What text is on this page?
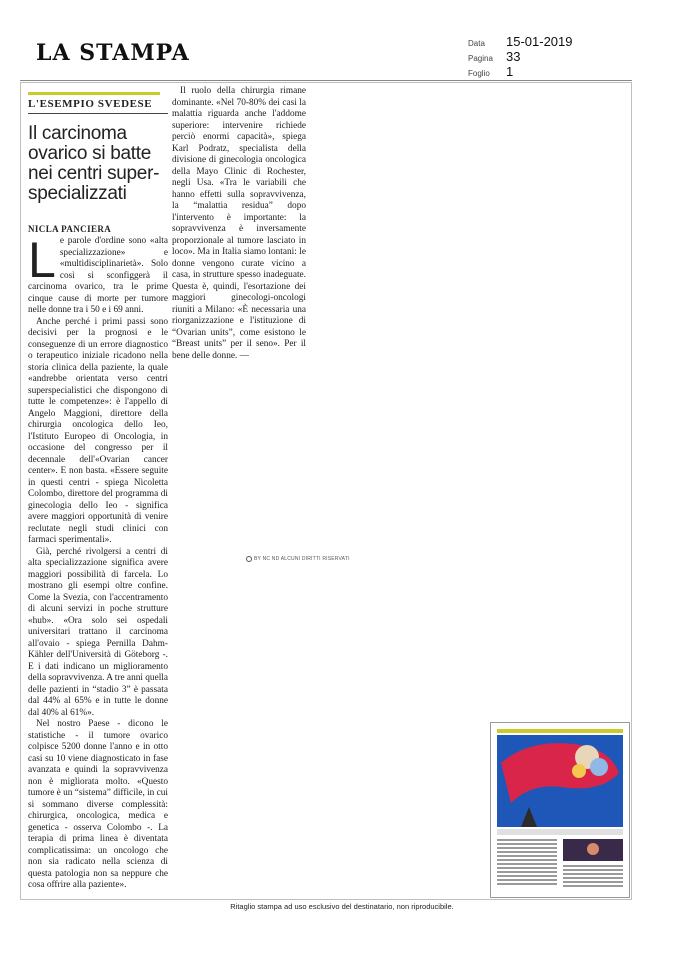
LA STAMPA	Data	15-01-2019
Pagina	33
Foglio	1
L'ESEMPIO SVEDESE
Il carcinoma ovarico si batte nei centri super-specializzati
NICLA PANCIERA

Le parole d'ordine sono «alta specializzazione» e «multidisciplinarietà». Solo così si sconfiggerà il carcinoma ovarico, tra le prime cinque cause di morte per tumore nelle donne tra i 50 e i 69 anni.

Anche perché i primi passi sono decisivi per la prognosi e le conseguenze di un errore diagnostico o terapeutico iniziale ricadono nella storia clinica della paziente, la quale «andrebbe orientata verso centri superspecialistici che dispongono di tutte le competenze»: è l'appello di Angelo Maggioni, direttore della chirurgia oncologica dello Ieo, l'Istituto Europeo di Oncologia, in occasione del congresso per il decennale dell'«Ovarian cancer center». E non basta. «Essere seguite in questi centri - spiega Nicoletta Colombo, direttore del programma di ginecologia dello Ieo - significa avere maggiori opportunità di venire reclutate negli studi clinici con farmaci sperimentali».

Già, perché rivolgersi a centri di alta specializzazione significa avere maggiori possibilità di farcela. Lo mostrano gli esempi oltre confine. Come la Svezia, con l'accentramento di alcuni servizi in poche strutture «hub». «Ora solo sei ospedali universitari trattano il carcinoma all'ovaio - spiega Pernilla Dahm-Kähler dell'Università di Göteborg -. E i dati indicano un miglioramento della sopravvivenza. A tre anni quella delle pazienti in “stadio 3” è passata dal 44% al 65% e in tutte le donne dal 40% al 61%».

Nel nostro Paese - dicono le statistiche - il tumore ovarico colpisce 5200 donne l'anno e in otto casi su 10 viene diagnosticato in fase avanzata e quindi la sopravvivenza non è migliorata molto. «Questo tumore è un “sistema” difficile, in cui si sommano diverse complessità: chirurgica, oncologica, medica e genetica - osserva Colombo -. La terapia di prima linea è diventata complicatissima: un oncologo che non sia radicato nella scienza di questa patologia non sa neppure che cosa offrire alla paziente».

Il ruolo della chirurgia rimane dominante. «Nel 70-80% dei casi la malattia riguarda anche l'addome superiore: intervenire richiede perciò enormi capacità», spiega Karl Podratz, specialista della divisione di ginecologia oncologica della Mayo Clinic di Rochester, negli Usa. «Tra le variabili che hanno effetti sulla sopravvivenza, la “malattia residua” dopo l'intervento è importante: la sopravvivenza è inversamente proporzionale al tumore lasciato in loco». Ma in Italia siamo lontani: le donne vengono curate vicino a casa, in strutture spesso inadeguate. Questa è, quindi, l'esortazione dei maggiori ginecologi-oncologi riuniti a Milano: «È necessaria una riorganizzazione e l'istituzione di “Ovarian units”, come esistono le “Breast units” per il seno». Per il bene delle donne. —

BY NC ND ALCUNI DIRITTI RISERVATI
Ritaglio stampa ad uso esclusivo del destinatario, non riproducibile.
